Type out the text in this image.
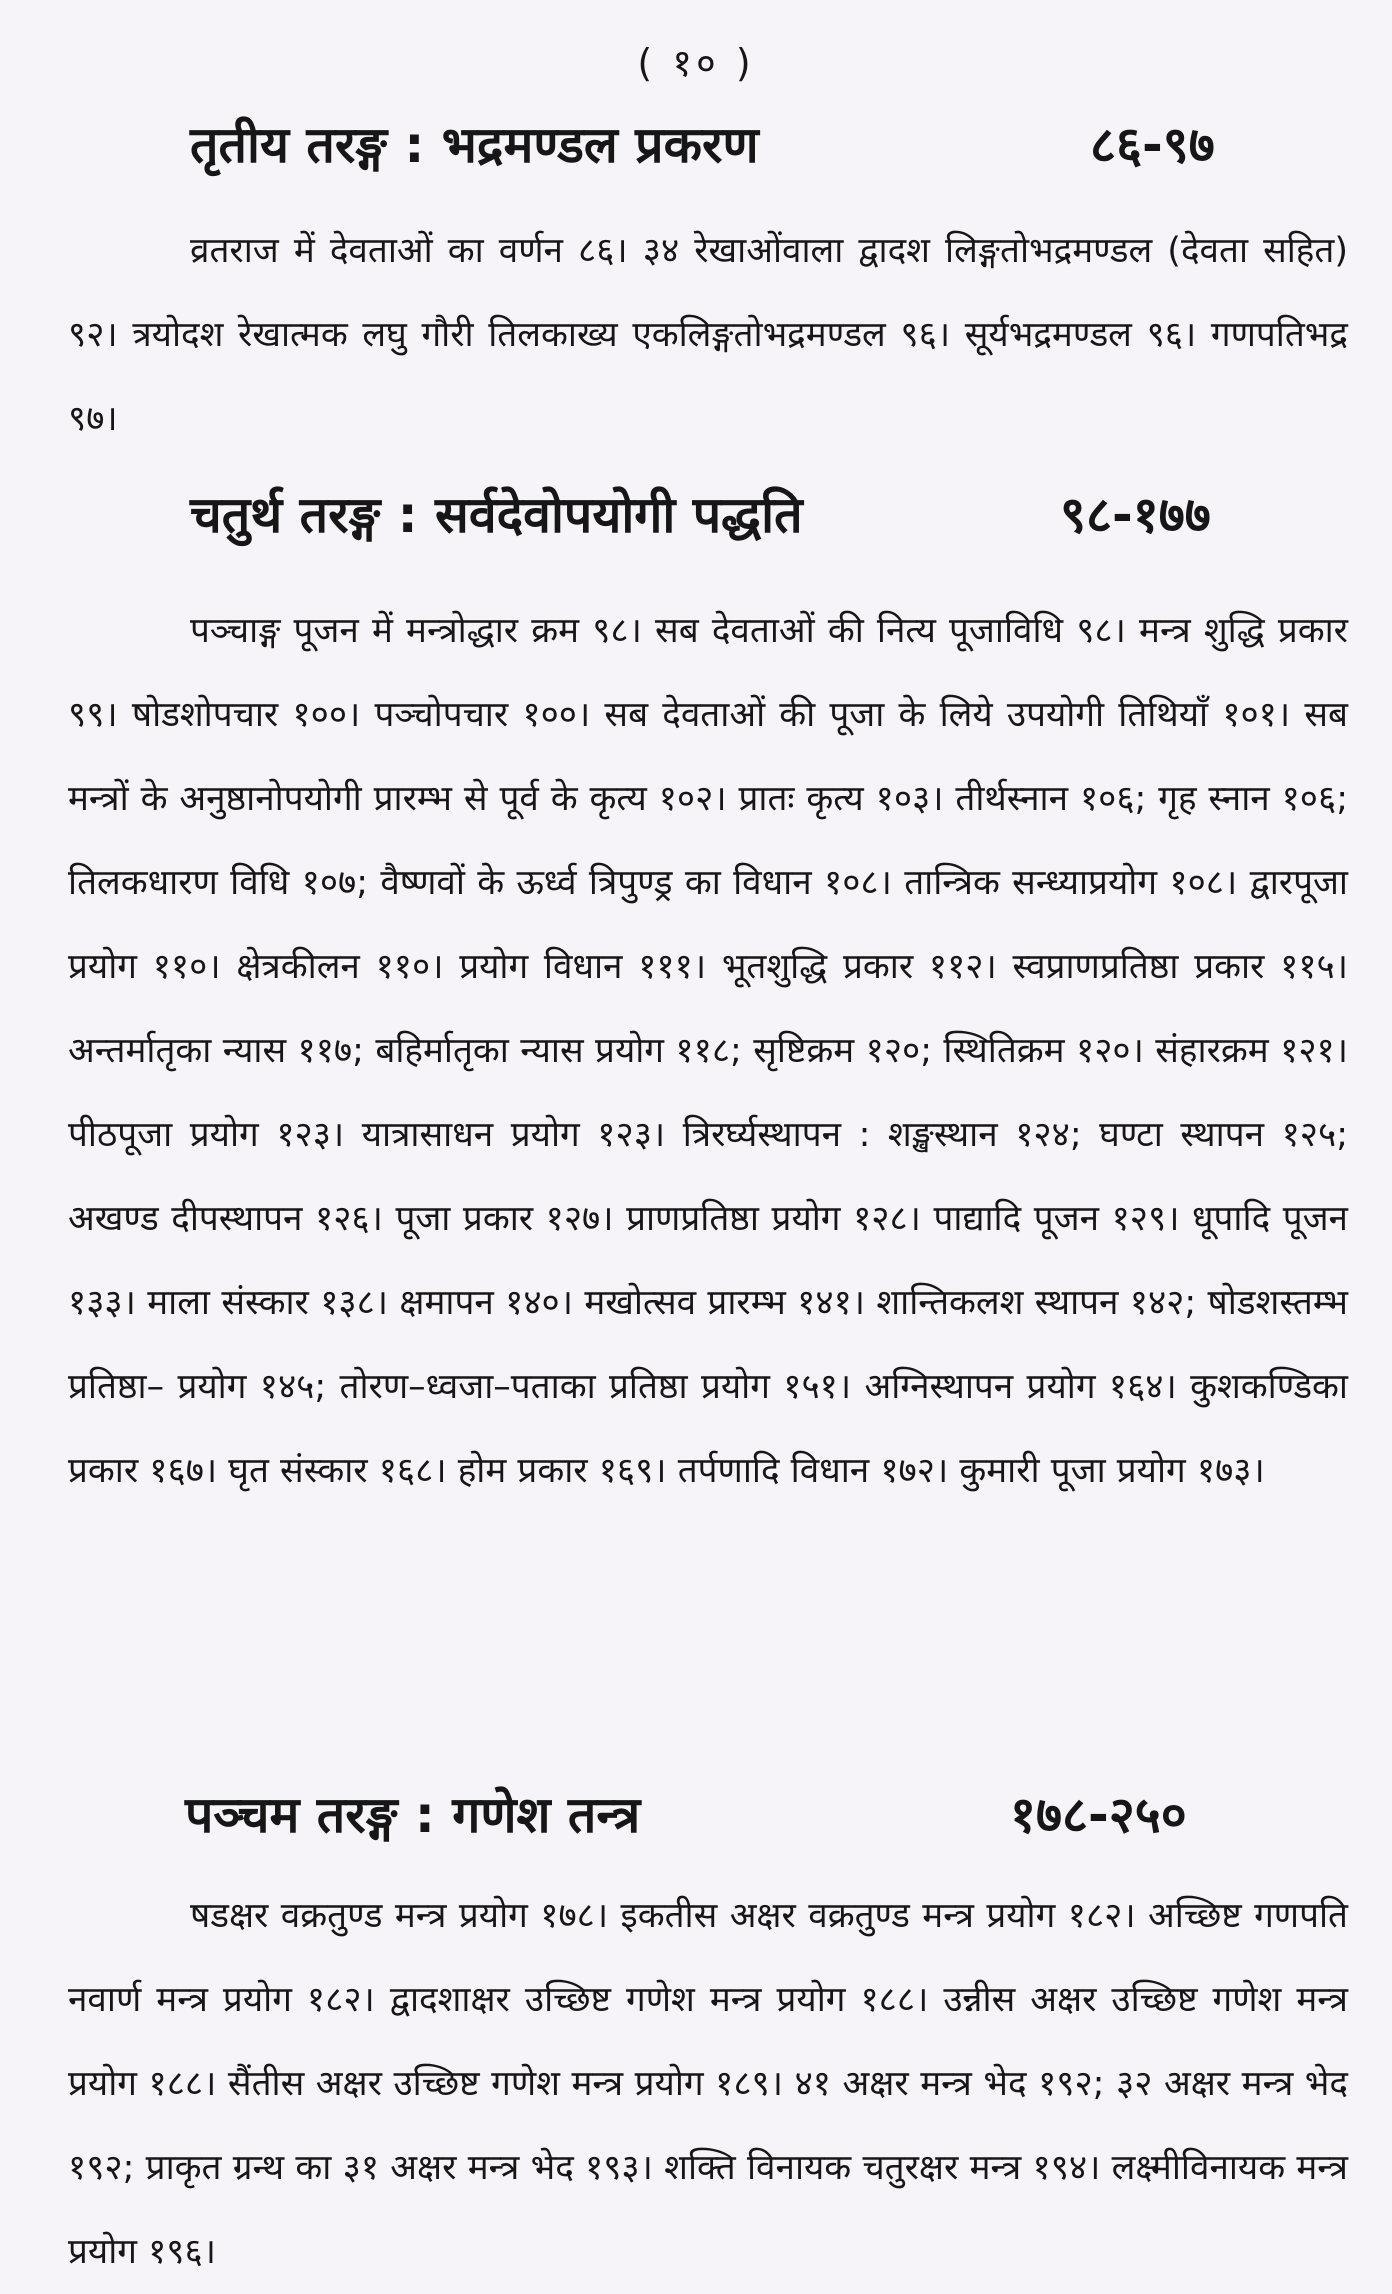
( १० )
तृतीय तरङ्ग : भद्रमण्डल प्रकरण	८६-९७
व्रतराज में देवताओं का वर्णन ८६। ३४ रेखाओंवाला द्वादश लिङ्गतोभद्रमण्डल (देवता सहित) ९२। त्रयोदश रेखात्मक लघु गौरी तिलकाख्य एकलिङ्गतोभद्रमण्डल ९६। सूर्यभद्रमण्डल ९६। गणपतिभद्र ९७।
चतुर्थ तरङ्ग : सर्वदेवोपयोगी पद्धति	९८-१७७
पञ्चाङ्ग पूजन में मन्त्रोद्धार क्रम ९८। सब देवताओं की नित्य पूजाविधि ९८। मन्त्र शुद्धि प्रकार ९९। षोडशोपचार १००। पञ्चोपचार १००। सब देवताओं की पूजा के लिये उपयोगी तिथियाँ १०१। सब मन्त्रों के अनुष्ठानोपयोगी प्रारम्भ से पूर्व के कृत्य १०२। प्रातः कृत्य १०३। तीर्थस्नान १०६; गृह स्नान १०६; तिलकधारण विधि १०७; वैष्णवों के ऊर्ध्व त्रिपुण्ड्र का विधान १०८। तान्त्रिक सन्ध्याप्रयोग १०८। द्वारपूजा प्रयोग ११०। क्षेत्रकीलन ११०। प्रयोग विधान १११। भूतशुद्धि प्रकार ११२। स्वप्राणप्रतिष्ठा प्रकार ११५। अन्तर्मातृका न्यास ११७; बहिर्मातृका न्यास प्रयोग ११८; सृष्टिक्रम १२०; स्थितिक्रम १२०। संहारक्रम १२१। पीठपूजा प्रयोग १२३। यात्रासाधन प्रयोग १२३। त्रिरर्घ्यस्थापन : शङ्खस्थान १२४; घण्टा स्थापन १२५; अखण्ड दीपस्थापन १२६। पूजा प्रकार १२७। प्राणप्रतिष्ठा प्रयोग १२८। पाद्यादि पूजन १२९। धूपादि पूजन १३३। माला संस्कार १३८। क्षमापन १४०। मखोत्सव प्रारम्भ १४१। शान्तिकलश स्थापन १४२; षोडशस्तम्भ प्रतिष्ठा– प्रयोग १४५; तोरण–ध्वजा–पताका प्रतिष्ठा प्रयोग १५१। अग्निस्थापन प्रयोग १६४। कुशकण्डिका प्रकार १६७। घृत संस्कार १६८। होम प्रकार १६९। तर्पणादि विधान १७२। कुमारी पूजा प्रयोग १७३।
पञ्चम तरङ्ग : गणेश तन्त्र	१७८-२५०
षडक्षर वक्रतुण्ड मन्त्र प्रयोग १७८। इकतीस अक्षर वक्रतुण्ड मन्त्र प्रयोग १८२। अच्छिष्ट गणपति नवार्ण मन्त्र प्रयोग १८२। द्वादशाक्षर उच्छिष्ट गणेश मन्त्र प्रयोग १८८। उन्नीस अक्षर उच्छिष्ट गणेश मन्त्र प्रयोग १८८। सैंतीस अक्षर उच्छिष्ट गणेश मन्त्र प्रयोग १८९। ४१ अक्षर मन्त्र भेद १९२; ३२ अक्षर मन्त्र भेद १९२; प्राकृत ग्रन्थ का ३१ अक्षर मन्त्र भेद १९३। शक्ति विनायक चतुरक्षर मन्त्र १९४। लक्ष्मीविनायक मन्त्र प्रयोग १९६।
